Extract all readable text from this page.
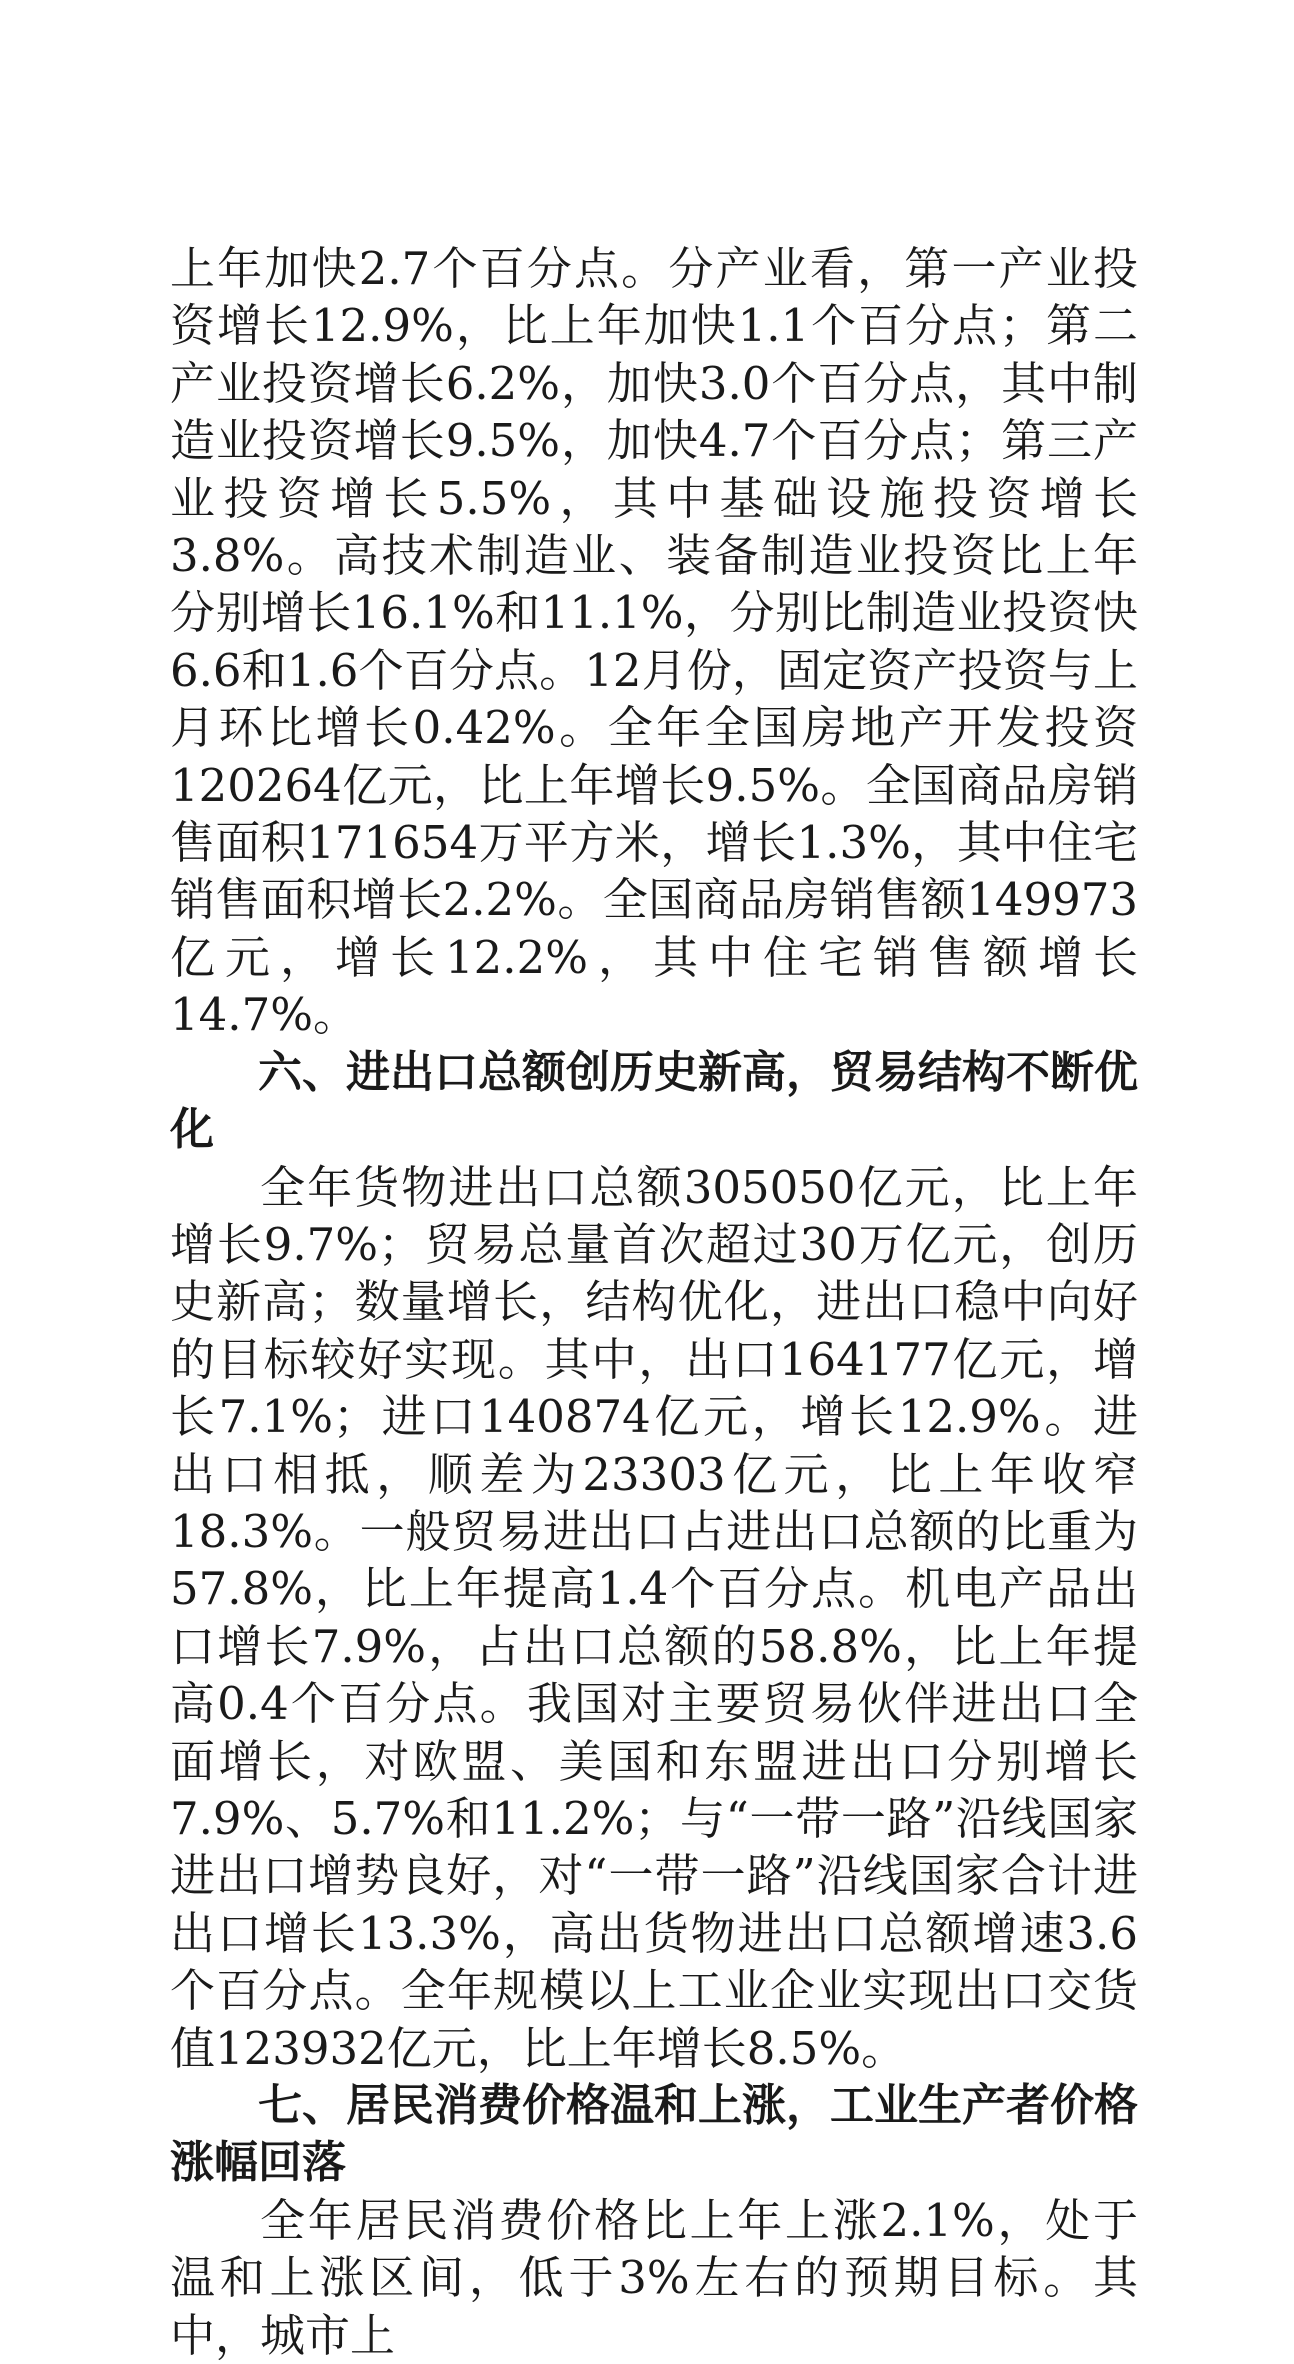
上年加快2.7个百分点。分产业看，第一产业投资增长12.9%，比上年加快1.1个百分点；第二产业投资增长6.2%，加快3.0个百分点，其中制造业投资增长9.5%，加快4.7个百分点；第三产业投资增长5.5%，其中基础设施投资增长3.8%。高技术制造业、装备制造业投资比上年分别增长16.1%和11.1%，分别比制造业投资快6.6和1.6个百分点。12月份，固定资产投资与上月环比增长0.42%。全年全国房地产开发投资120264亿元，比上年增长9.5%。全国商品房销售面积171654万平方米，增长1.3%，其中住宅销售面积增长2.2%。全国商品房销售额149973亿元，增长12.2%，其中住宅销售额增长14.7%。

六、进出口总额创历史新高，贸易结构不断优化

全年货物进出口总额305050亿元，比上年增长9.7%；贸易总量首次超过30万亿元，创历史新高；数量增长，结构优化，进出口稳中向好的目标较好实现。其中，出口164177亿元，增长7.1%；进口140874亿元，增长12.9%。进出口相抵，顺差为23303亿元，比上年收窄18.3%。一般贸易进出口占进出口总额的比重为57.8%，比上年提高1.4个百分点。机电产品出口增长7.9%，占出口总额的58.8%，比上年提高0.4个百分点。我国对主要贸易伙伴进出口全面增长，对欧盟、美国和东盟进出口分别增长7.9%、5.7%和11.2%；与“一带一路”沿线国家进出口增势良好，对“一带一路”沿线国家合计进出口增长13.3%，高出货物进出口总额增速3.6个百分点。全年规模以上工业企业实现出口交货值123932亿元，比上年增长8.5%。

七、居民消费价格温和上涨，工业生产者价格涨幅回落

全年居民消费价格比上年上涨2.1%，处于温和上涨区间，低于3%左右的预期目标。其中，城市上
